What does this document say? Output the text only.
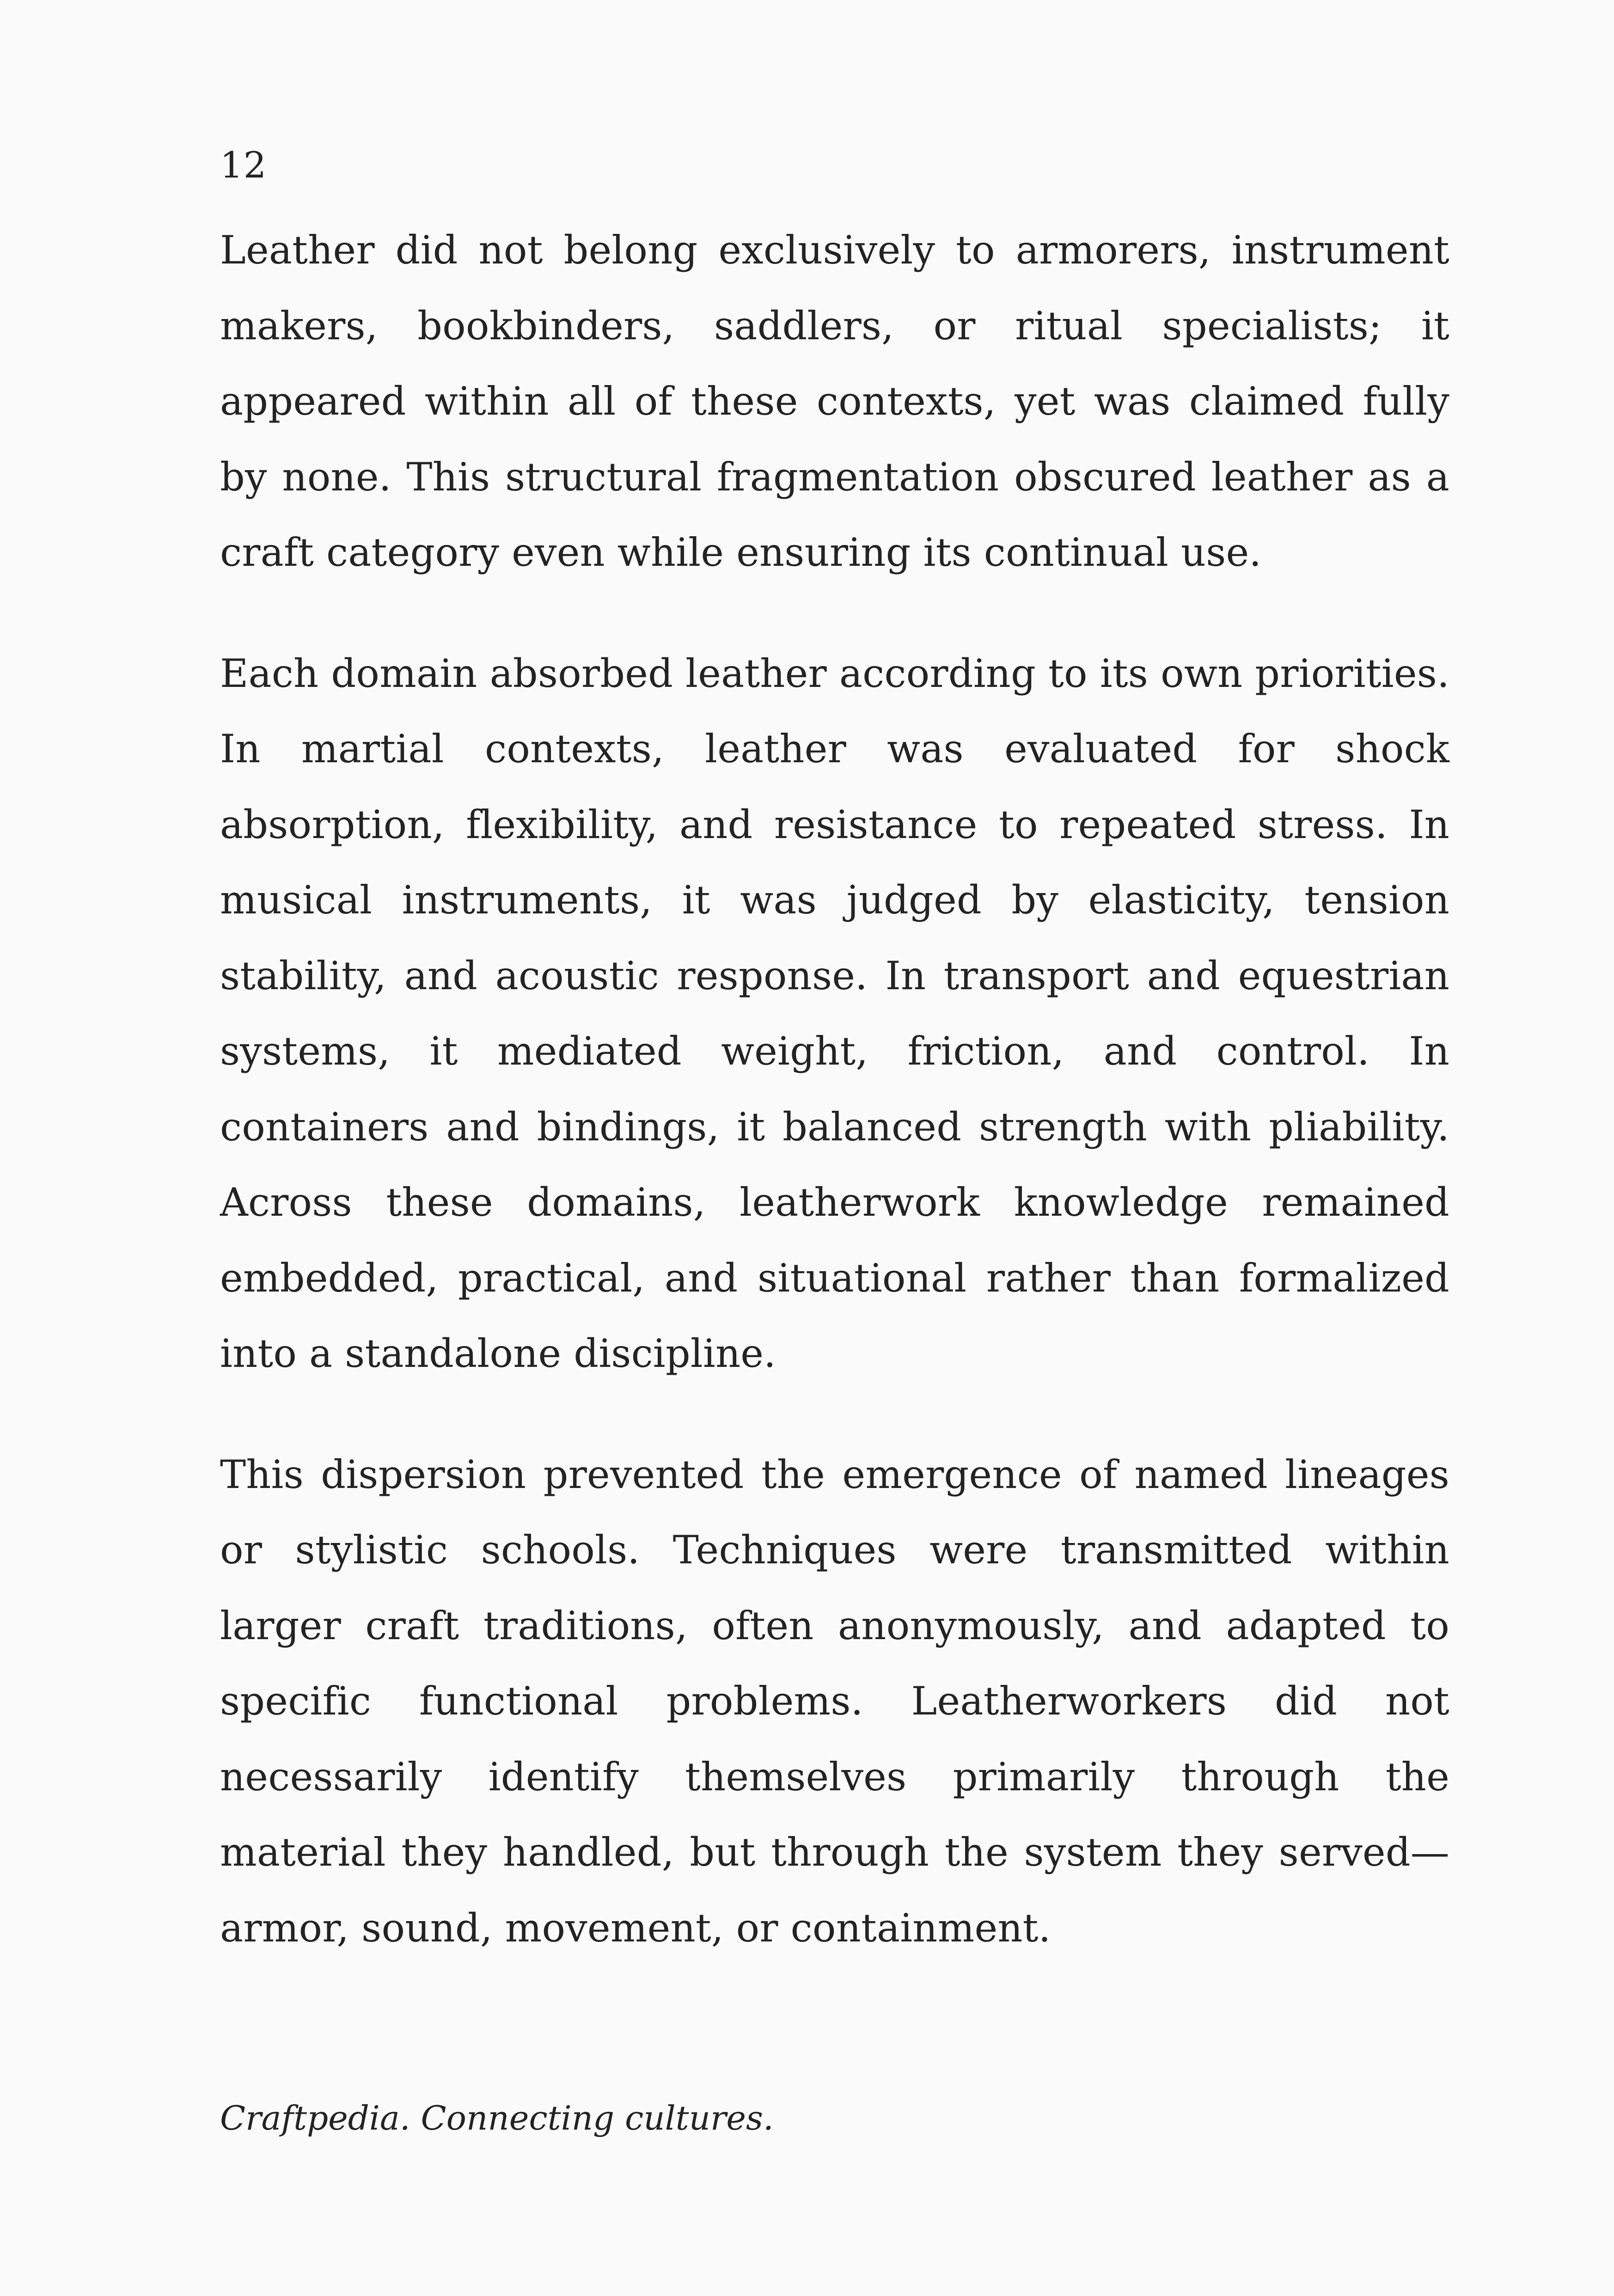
12

Leather did not belong exclusively to armorers, instrument makers, bookbinders, saddlers, or ritual specialists; it appeared within all of these contexts, yet was claimed fully by none. This structural fragmentation obscured leather as a craft category even while ensuring its continual use.

Each domain absorbed leather according to its own priorities. In martial contexts, leather was evaluated for shock absorption, flexibility, and resistance to repeated stress. In musical instruments, it was judged by elasticity, tension stability, and acoustic response. In transport and equestrian systems, it mediated weight, friction, and control. In containers and bindings, it balanced strength with pliability. Across these domains, leatherwork knowledge remained embedded, practical, and situational rather than formalized into a standalone discipline.

This dispersion prevented the emergence of named lineages or stylistic schools. Techniques were transmitted within larger craft traditions, often anonymously, and adapted to specific functional problems. Leatherworkers did not necessarily identify themselves primarily through the material they handled, but through the system they served—armor, sound, movement, or containment.

Craftpedia. Connecting cultures.
